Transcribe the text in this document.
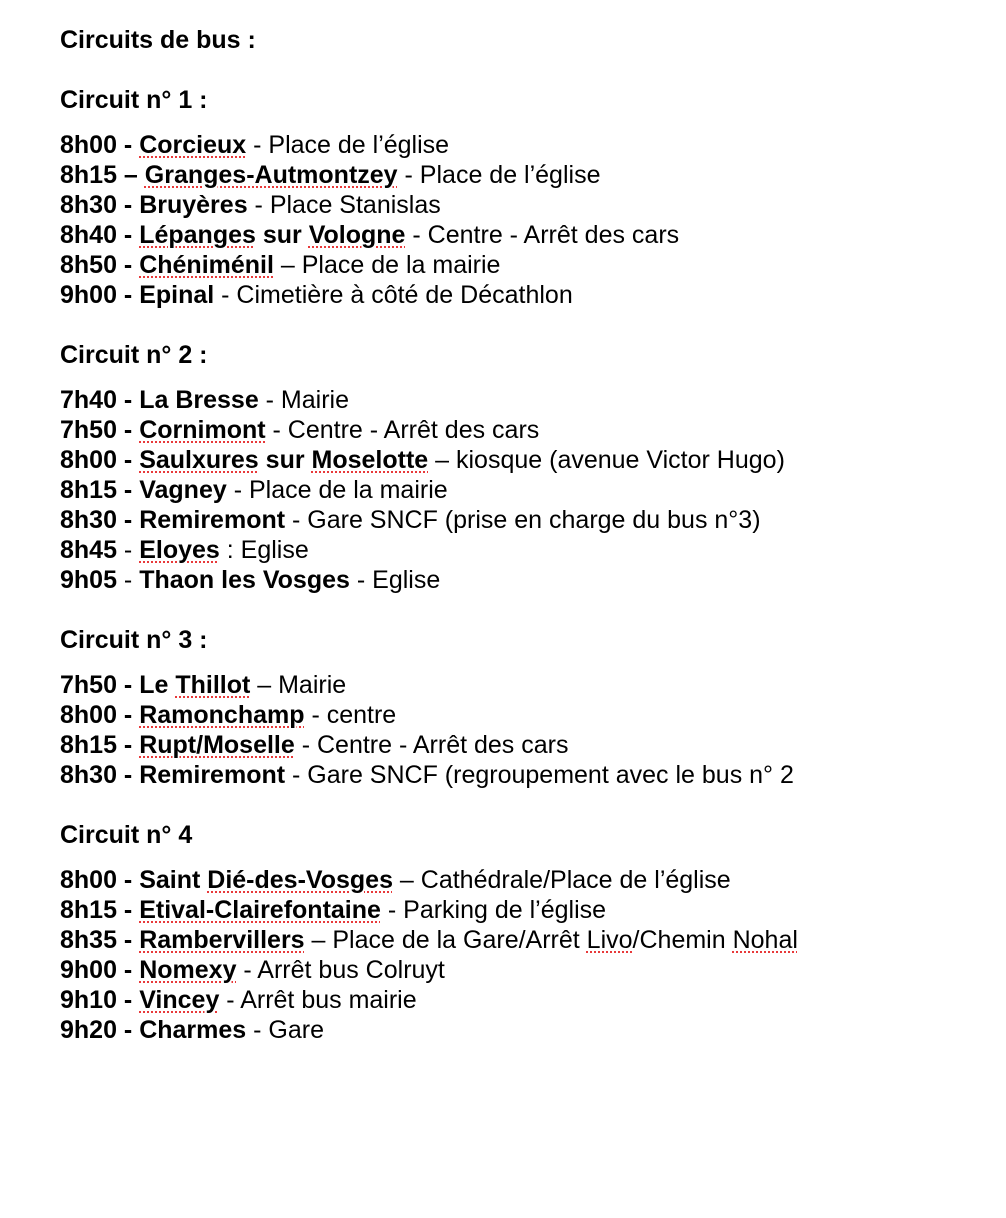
Circuits de bus :
Circuit n° 1 :
8h00 - Corcieux - Place de l’église
8h15 – Granges-Autmontzey - Place de l’église
8h30 - Bruyères - Place Stanislas
8h40 - Lépanges sur Vologne - Centre - Arrêt des cars
8h50 - Chéniménil – Place de la mairie
9h00 - Epinal - Cimetière à côté de Décathlon
Circuit n° 2 :
7h40 - La Bresse - Mairie
7h50 - Cornimont - Centre - Arrêt des cars
8h00 - Saulxures sur Moselotte – kiosque (avenue Victor Hugo)
8h15 - Vagney - Place de la mairie
8h30 - Remiremont - Gare SNCF (prise en charge du bus n°3)
8h45 - Eloyes : Eglise
9h05 - Thaon les Vosges - Eglise
Circuit n° 3 :
7h50 - Le Thillot – Mairie
8h00 - Ramonchamp - centre
8h15 - Rupt/Moselle - Centre - Arrêt des cars
8h30 - Remiremont - Gare SNCF (regroupement avec le bus n° 2
Circuit n° 4
8h00 - Saint Dié-des-Vosges – Cathédrale/Place de l’église
8h15 - Etival-Clairefontaine - Parking de l’église
8h35 - Rambervillers – Place de la Gare/Arrêt Livo/Chemin Nohal
9h00 - Nomexy - Arrêt bus Colruyt
9h10 - Vincey - Arrêt bus mairie
9h20 - Charmes - Gare
